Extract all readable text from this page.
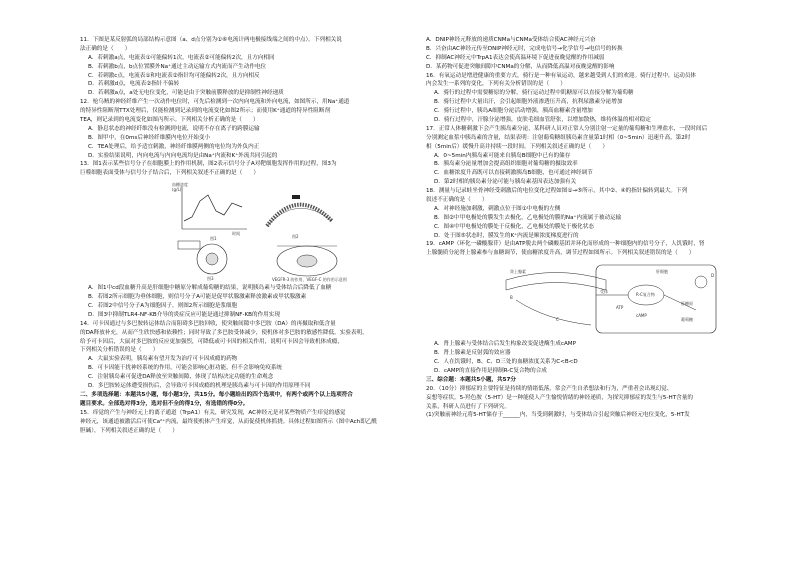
11．下图是某反射弧的局部结构示意图（a、d点分别为①⑥电流计两电极接线端之间的中点）。下列相关说
法正确的是（　　）
A．若刺激a点，电流表①可能偏转1次，电流表②可能偏转2次，且方向相同
B．若刺激b点，b点位置膜外Na⁺通过主动运输方式内流而产生动作电位
C．若刺激c点，电流表①和电流表②指针均可能偏转2次，且方向相反
D．若刺激d点，电流表②指针不偏转
D．若刺激a点，a处无电位变化，可能是由于突触前膜释放的是抑制性神经递质
12．枪乌贼的神经纤维产生一次动作电位时，可先后检测到一次内向电流和外向电流，如图所示，用Na⁺通道
的特异性阻断剂TTX处理后，仅能检测到记录到的电流变化如图2所示；而使用K⁺通道的特异性阻断剂
TEA，则记录到的电流变化如图丙所示。下列相关分析正确的是（　　）
A．静息状态的神经纤维没有检测到电流，说明不存在离子的跨膜运输
B．图甲中，在0ms后神经纤维膜内电位开始变小
C．TEA处理后，给予适宜刺激，神经纤维膜两侧的电位均为外负内正
D．实验结果说明，内向电流与内向电流均是由Na⁺内流和K⁺外流共同引起的
13．图1表示某些信号分子在细胞膜上的作用机制，图2表示信号分子A对靶细胞发挥作用的过程，图3为
巨噬细胞表面受体与信号分子结合后，下列相关叙述不正确的是（　　）
血糖浓度
(g/L)
时间
图1	图2
图3	VEGFR-3 的作用、VEGF-C 的作用示意图
A．图1中cd段血糖升高是肝细胞中糖原分解成葡萄糖的结果，说明胰岛素与受体结合后降低了血糖
B．若图2所示细胞为垂体细胞，则信号分子A可能是促甲状腺激素释放激素或甲状腺激素
C．若图2中信号分子A为细胞因子，则图2所示细胞是浆细胞
D．图3中抑制TLR4-NF-KB介导的炎症反应可能是通过抑制NF-KB的作用实现
14．可卡因通过与多巴胺转运体结合而阻碍多巴胺回收，使突触间隙中多巴胺（DA）的再摄取和低含量
的DA释放补充，从而产生欣快感和依赖性；同时导致了多巴胺受体减少，使机体对多巴胺的敏感性降低。实验表明，
给予可卡因后，大鼠对多巴胺的反应更加强烈，可降低或可卡因的相关作用，说明可卡因会导致机体成瘾，
下列相关分析错误的是（　　）
A．大鼠实验表明，胰岛素有望开发为治疗可卡因成瘾的药物
B．可卡因能干扰神经系统的作用，可能会影响心脏功能，但不会影响免疫系统
C．注射胰岛素可促进DA释放至突触间隙，体现了结构决定功能的生命观念
D．多巴胺转运体遭受损伤后，会导致可卡因成瘾的机理是胰岛素与可卡因的作用原理不同
二、多项选择题：本题共5小题，每小题3分，共15分。每小题给出的四个选项中，有两个或两个以上选项符合
题目要求。全部选对得3分，选对但不全的得1分，有选错的得0分。
15．痒觉的产生与神经元上的离子通道（TrpA1）有关，研究发现，AC神经元是对某些物质产生痒觉的感觉
神经元，该通道被激活后可使Ca²⁺内流，最终使机体产生痒觉，从而促使机体抓挠。具体过程如图所示（图中Ach即乙酰
胆碱），下列相关叙述正确的是（　　）
A．DNIP神经元释放的递质CNMa与CNMa受体结合使AC神经元兴奋
B．兴奋由AC神经元传至DNIP神经元时，完成电信号→化学信号→电信号的转换
C．抑制AC神经元中TrpA1表达会使高温环境下促进夜晚觉醒的作用减弱
D．某药物可促进突触间隙中CNMa的分解，从而降低高温对夜晚觉醒的影响
16．有氧运动是增进健康的重要方式，骑行是一种有氧运动，越来越受到人们的欢迎。骑行过程中，运动员体
内会发生一系列的变化，下列有关分析错误的是（　　）
A．骑行的过程中需要糖原的分解，骑行运动过程中肌糖原可以直接分解为葡萄糖
B．骑行过程中大量出汗，会引起细胞外液渗透压升高，抗利尿激素分泌增加
C．骑行过程中，胰岛A细胞分泌活动增强，胰高血糖素含量增加
D．骑行过程中，汗腺分泌增强，皮肤毛细血管舒张，以增加散热，维持体温的相对稳定
17．正常人体糖刺激下会产生胰岛素分泌，某科研人员对正常人分别注射一定量的葡萄糖和生理盐水，一段时间后
分别测定血浆中胰岛素的含量，结果表明：注射葡萄糖组胰岛素含量第1时相（0~5min）迅速升高，第2时
相（5min后）缓慢升高并持续一段时间。下列相关叙述正确的是（　　）
A．0~5min内胰岛素可能来自胰岛B细胞中已有的储存
B．胰岛素分泌量增加会提高组织细胞对葡萄糖的摄取效率
C．血糖浓度升高既可以直接刺激胰岛B细胞，也可通过神经调节
D．第2时相的胰岛素分泌可能与胰岛素基因表达加强有关
18．测量与记录蛙坐骨神经受刺激后的电位变化过程如图①→⑤所示，其中②、④的指针偏转到最大。下列
叙述不正确的是（　　）
A．对神经施加刺激，刺激点位于图①中电极的左侧
B．图②中甲电极处的膜发生去极化，乙电极处的膜的Na⁺内流属于被动运输
C．图④中甲电极处的膜处于反极化，乙电极处的膜处于极化状态
D．处于图⑤状态时，膜发生的K⁺内流是顺浓度梯度进行的
19．cAMP（环化一磷酸腺苷）是由ATP脱去两个磷酸基团并环化而形成的一种细胞内的信号分子，人饥饿时，肾
上腺髓质分泌肾上腺素参与血糖调节，使血糖浓度升高，调节过程如图所示。下列相关叙述错误的是（　　）
肾上腺素
受体
ATP
cAMP
R-C复合物
肝糖原
葡萄糖
B
C
D
肝细胞
A．肾上腺素与受体结合后发生构象改变促进酶生成cAMP
B．肾上腺素是反射弧的效应器
C．人在饥饿时，B、C、D三处的血糖浓度关系为C<B<D
D．cAMP的直接作用是抑制R-C复合物的合成
三、综合题：本题共5小题，共57分
20．（10分）抑郁症的主要特征是持续的情绪低落，常会产生自杀想法和行为，严重者会出现幻觉、
妄想等症状。5-羟色胺（5-HT）是一种能使人产生愉悦情绪的神经递质，为探究抑郁症的发生与5-HT含量的
关系，科研人员进行了下列研究。
(1)突触前神经元将5-HT储存于______内，当受到刺激时，与受体结合引起突触后神经元电位变化，5-HT发
